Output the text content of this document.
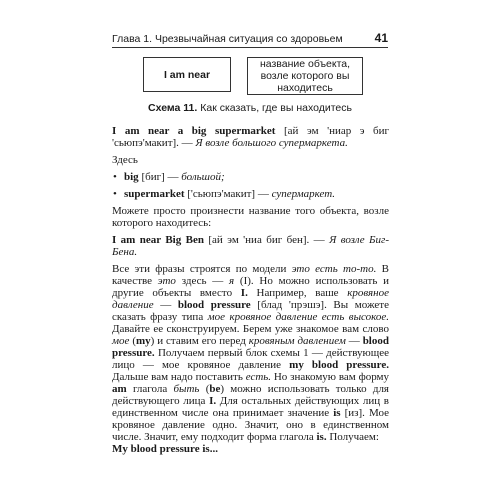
Глава 1. Чрезвычайная ситуация со здоровьем	41
I am near
название объекта, возле которого вы находитесь
Схема 11. Как сказать, где вы находитесь

I am near a big supermarket [ай эм 'ниар э биг 'сьюпэ'макит]. — Я возле большого супермаркета.

Здесь

• big [биг] — большой;

• supermarket ['сьюпэ'макит] — супермаркет.

Можете просто произнести название того объекта, возле которого находитесь:

I am near Big Ben [ай эм 'ниа биг бен]. — Я возле Биг-Бена.

Все эти фразы строятся по модели это есть то-то. В качестве это здесь — я (I). Но можно использовать и другие объекты вместо I. Например, ваше кровяное давление — blood pressure [блад 'прэшэ]. Вы можете сказать фразу типа мое кровяное давление есть высокое. Давайте ее сконструируем. Берем уже знакомое вам слово мое (my) и ставим его перед кровяным давлением — blood pressure. Получаем первый блок схемы 1 — действующее лицо — мое кровяное давление my blood pressure. Дальше вам надо поставить есть. Но знакомую вам форму am глагола быть (be) можно использовать только для действующего лица I. Для остальных действующих лиц в единственном числе она принимает значение is [из]. Мое кровяное давление одно. Значит, оно в единственном числе. Значит, ему подходит форма глагола is. Получаем:

My blood pressure is...
